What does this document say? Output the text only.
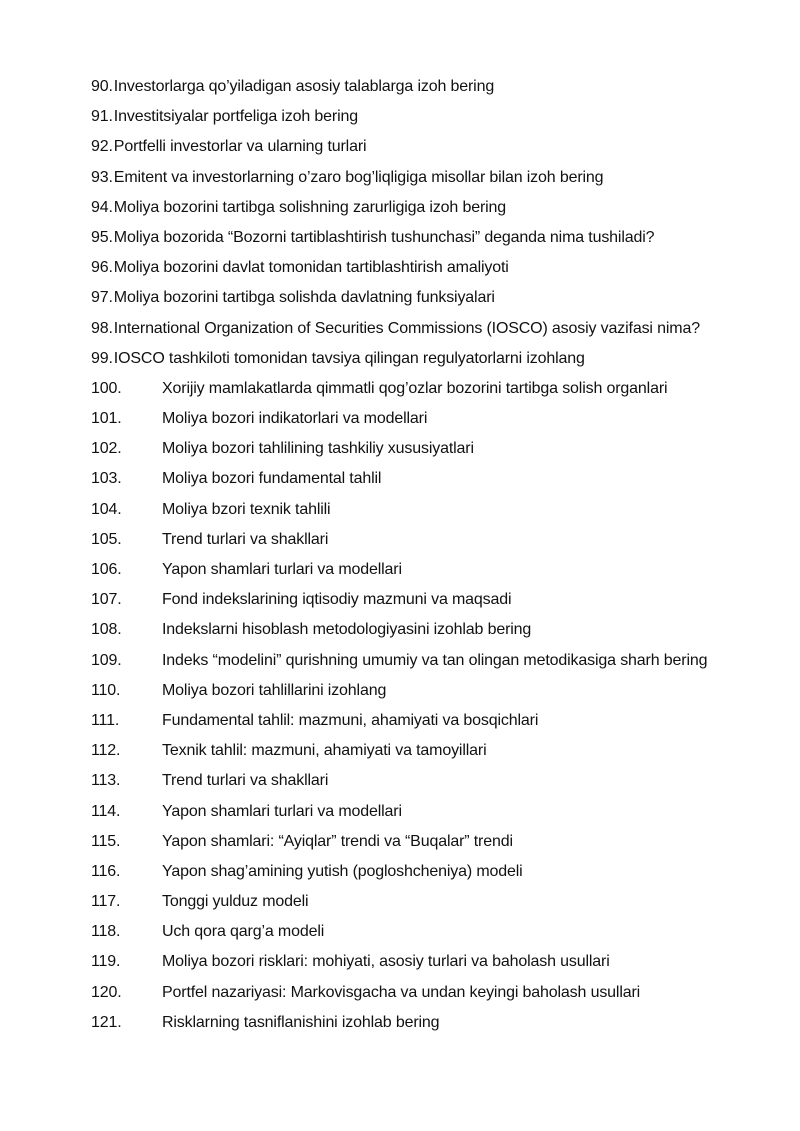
90.Investorlarga qo’yiladigan asosiy talablarga izoh bering
91.Investitsiyalar portfeliga izoh bering
92.Portfelli investorlar va ularning turlari
93.Emitent va investorlarning o’zaro bog’liqligiga misollar bilan izoh bering
94.Moliya bozorini tartibga solishning zarurligiga izoh bering
95.Moliya bozorida “Bozorni tartiblashtirish tushunchasi” deganda nima tushiladi?
96.Moliya bozorini davlat tomonidan tartiblashtirish amaliyoti
97.Moliya bozorini tartibga solishda davlatning funksiyalari
98.International Organization of Securities Commissions (IOSCO) asosiy vazifasi nima?
99.IOSCO tashkiloti tomonidan tavsiya qilingan regulyatorlarni izohlang
100.	Xorijiy mamlakatlarda qimmatli qog’ozlar bozorini tartibga solish organlari
101.	Moliya bozori indikatorlari va modellari
102.	Moliya bozori tahlilining tashkiliy xususiyatlari
103.	Moliya bozori fundamental tahlil
104.	Moliya bzori texnik tahlili
105.	Trend turlari va shakllari
106.	Yapon shamlari turlari va modellari
107.	Fond indekslarining iqtisodiy mazmuni va maqsadi
108.	Indekslarni hisoblash metodologiyasini izohlab bering
109.	Indeks “modelini” qurishning umumiy va tan olingan metodikasiga sharh bering
110.	Moliya bozori tahlillarini izohlang
111.	Fundamental tahlil: mazmuni, ahamiyati va bosqichlari
112.	Texnik tahlil: mazmuni, ahamiyati va tamoyillari
113.	Trend turlari va shakllari
114.	Yapon shamlari turlari va modellari
115.	Yapon shamlari: “Ayiqlar” trendi va “Buqalar” trendi
116.	Yapon shag’amining yutish (pogloshcheniya) modeli
117.	Tonggi yulduz modeli
118.	Uch qora qarg’a modeli
119.	Moliya bozori risklari: mohiyati, asosiy turlari va baholash usullari
120.	Portfel nazariyasi: Markovisgacha va undan keyingi baholash usullari
121.	Risklarning tasniflanishini izohlab bering
